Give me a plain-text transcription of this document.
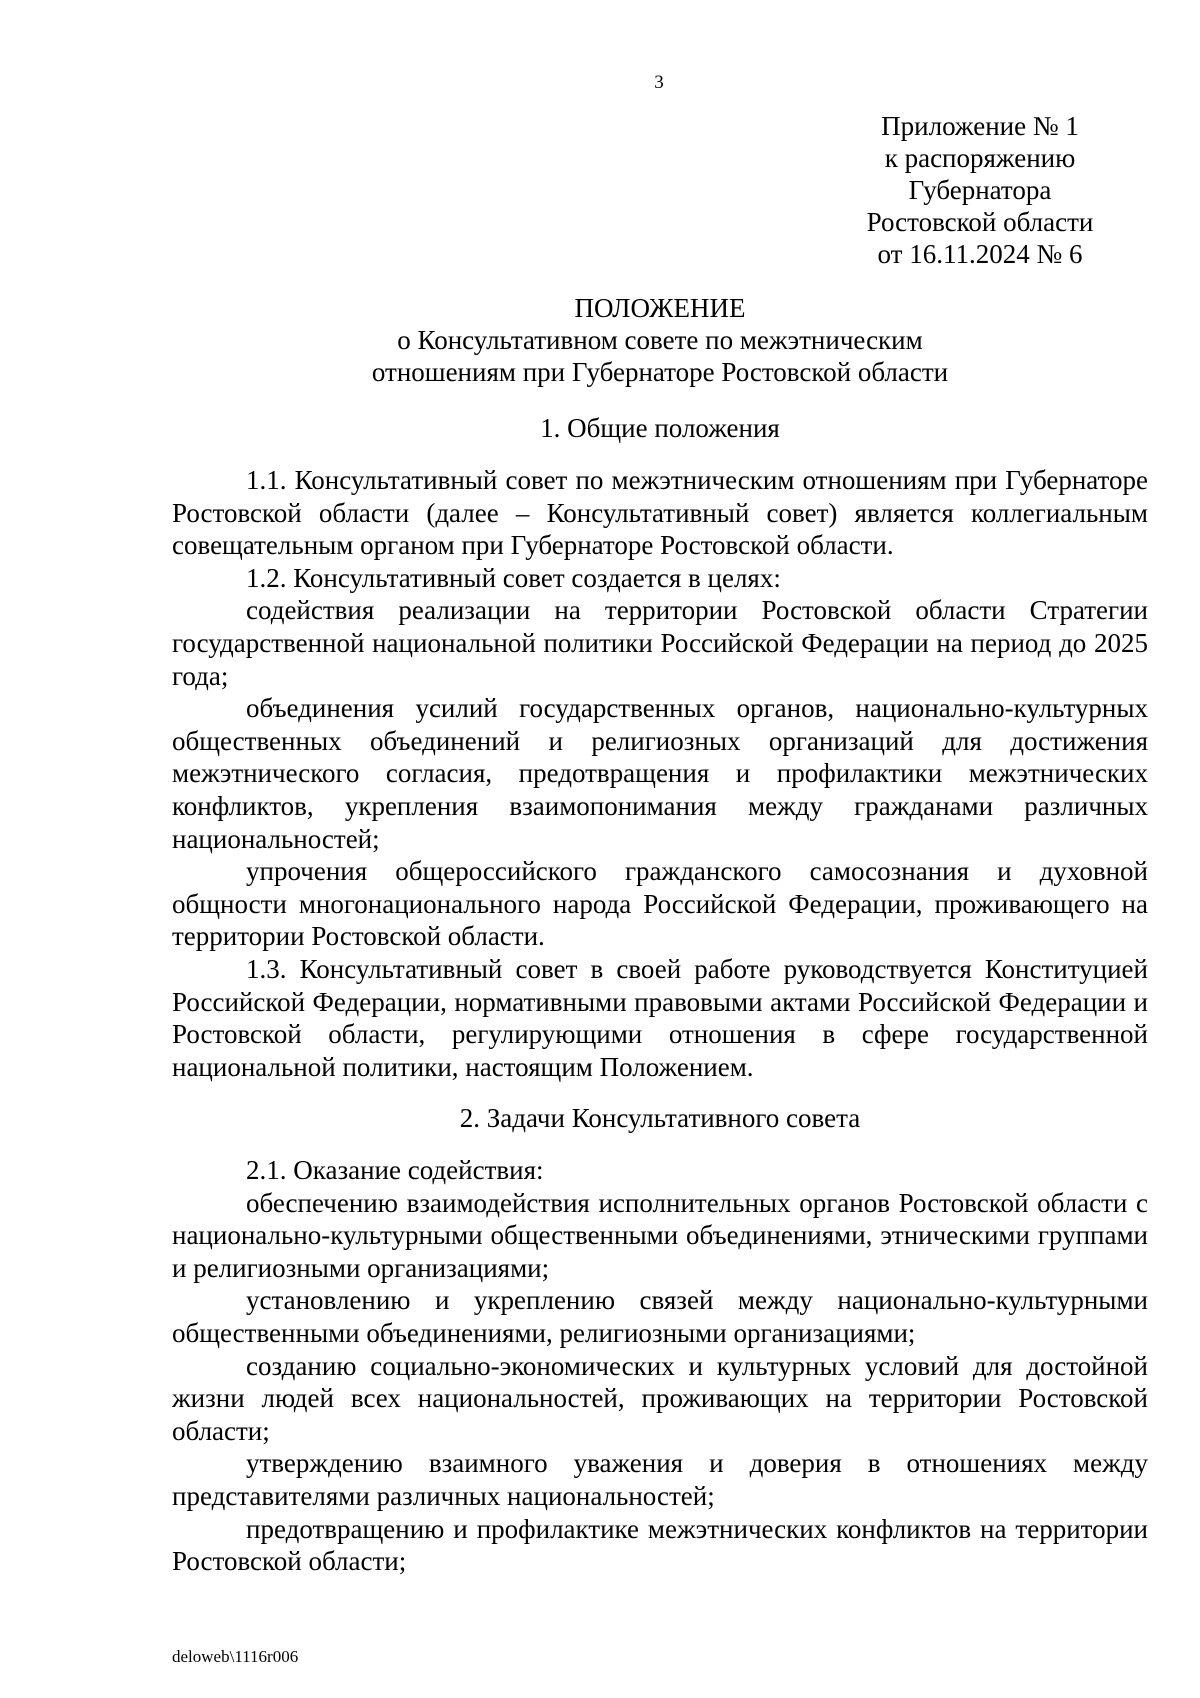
3
Приложение № 1
к распоряжению
Губернатора
Ростовской области
от 16.11.2024 № 6
ПОЛОЖЕНИЕ
о Консультативном совете по межэтническим
отношениям при Губернаторе Ростовской области
1. Общие положения

1.1. Консультативный совет по межэтническим отношениям при Губернаторе Ростовской области (далее – Консультативный совет) является коллегиальным совещательным органом при Губернаторе Ростовской области.

1.2. Консультативный совет создается в целях:

содействия реализации на территории Ростовской области Стратегии государственной национальной политики Российской Федерации на период до 2025 года;

объединения усилий государственных органов, национально-культурных общественных объединений и религиозных организаций для достижения межэтнического согласия, предотвращения и профилактики межэтнических конфликтов, укрепления взаимопонимания между гражданами различных национальностей;

упрочения общероссийского гражданского самосознания и духовной общности многонационального народа Российской Федерации, проживающего на территории Ростовской области.

1.3. Консультативный совет в своей работе руководствуется Конституцией Российской Федерации, нормативными правовыми актами Российской Федерации и Ростовской области, регулирующими отношения в сфере государственной национальной политики, настоящим Положением.

2. Задачи Консультативного совета

2.1. Оказание содействия:

обеспечению взаимодействия исполнительных органов Ростовской области с национально-культурными общественными объединениями, этническими группами и религиозными организациями;

установлению и укреплению связей между национально-культурными общественными объединениями, религиозными организациями;

созданию социально-экономических и культурных условий для достойной жизни людей всех национальностей, проживающих на территории Ростовской области;

утверждению взаимного уважения и доверия в отношениях между представителями различных национальностей;

предотвращению и профилактике межэтнических конфликтов на территории Ростовской области;

deloweb\1116r006
